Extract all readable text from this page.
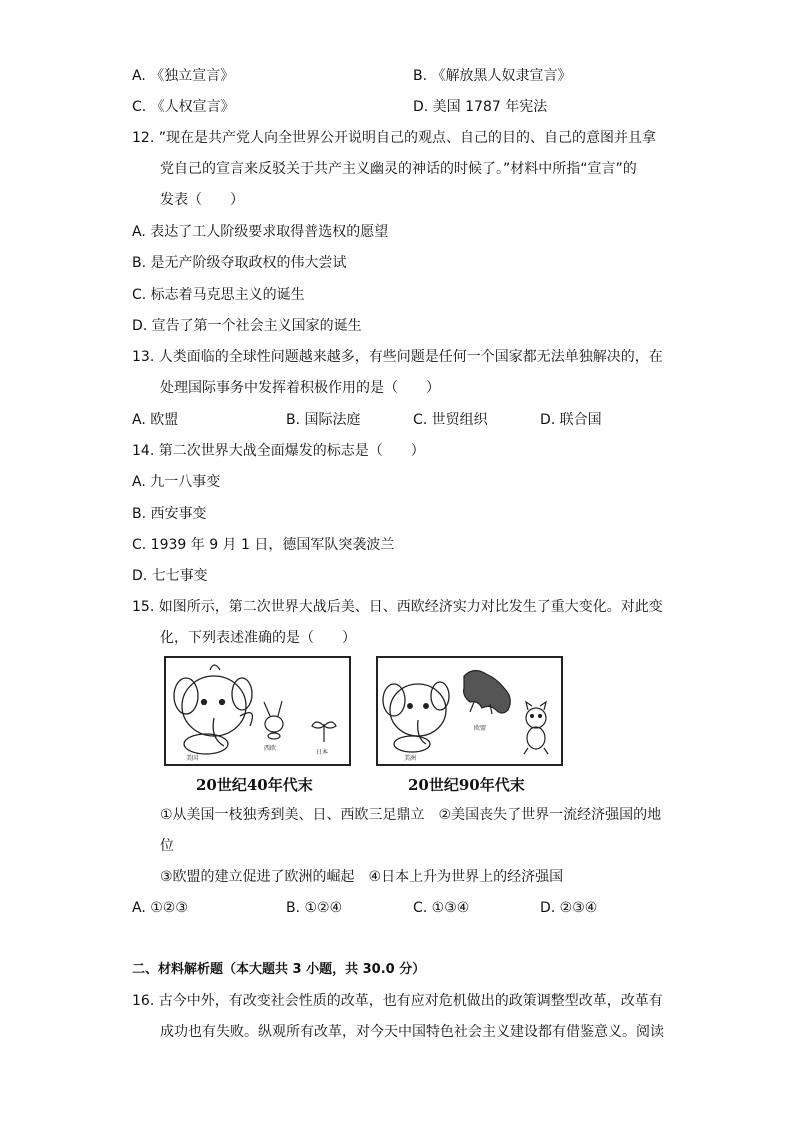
A. 《独立宣言》	B. 《解放黑人奴隶宣言》
C. 《人权宣言》	D. 美国 1787 年宪法
12. ”现在是共产党人向全世界公开说明自己的观点、自己的目的、自己的意图并且拿
党自己的宣言来反驳关于共产主义幽灵的神话的时候了。”材料中所指“宣言”的
发表（　　）
A. 表达了工人阶级要求取得普选权的愿望
B. 是无产阶级夺取政权的伟大尝试
C. 标志着马克思主义的诞生
D. 宣告了第一个社会主义国家的诞生
13. 人类面临的全球性问题越来越多，有些问题是任何一个国家都无法单独解决的，在
处理国际事务中发挥着积极作用的是（　　）
A. 欧盟	B. 国际法庭	C. 世贸组织	D. 联合国
14. 第二次世界大战全面爆发的标志是（　　）
A. 九一八事变
B. 西安事变
C. 1939 年 9 月 1 日，德国军队突袭波兰
D. 七七事变
15. 如图所示，第二次世界大战后美、日、西欧经济实力对比发生了重大变化。对此变
化，下列表述准确的是（　　）
美国
西欧
日本
20世纪40年代末
美洲
欧盟
20世纪90年代末
①从美国一枝独秀到美、日、西欧三足鼎立　②美国丧失了世界一流经济强国的地
位
③欧盟的建立促进了欧洲的崛起　④日本上升为世界上的经济强国
A. ①②③	B. ①②④	C. ①③④	D. ②③④
二、材料解析题（本大题共 3 小题，共 30.0 分）
16. 古今中外，有改变社会性质的改革，也有应对危机做出的政策调整型改革，改革有
成功也有失败。纵观所有改革，对今天中国特色社会主义建设都有借鉴意义。阅读
